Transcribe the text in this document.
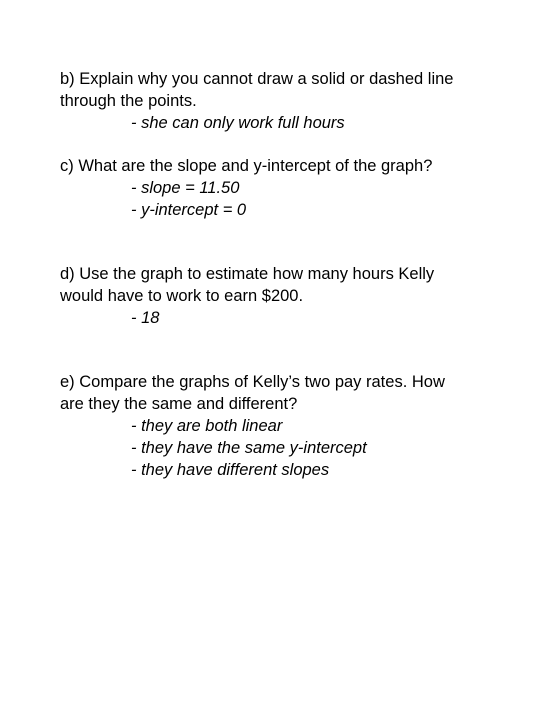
b) Explain why you cannot draw a solid or dashed line
through the points.
- she can only work full hours
c) What are the slope and y-intercept of the graph?
- slope = 11.50
- y-intercept = 0
d) Use the graph to estimate how many hours Kelly
would have to work to earn $200.
- 18
e) Compare the graphs of Kelly’s two pay rates. How
are they the same and different?
- they are both linear
- they have the same y-intercept
- they have different slopes
